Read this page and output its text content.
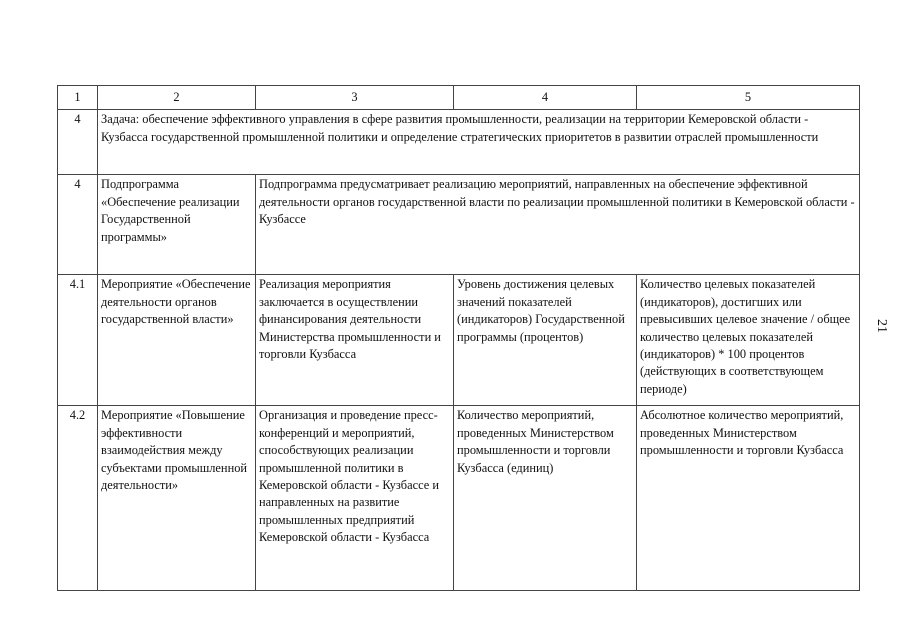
1	2	3	4	5
4	Задача: обеспечение эффективного управления в сфере развития промышленности, реализации на территории Кемеровской области - Кузбасса государственной промышленной политики и определение стратегических приоритетов в развитии отраслей промышленности			
4	Подпрограмма «Обеспечение реализации Государственной программы»	Подпрограмма предусматривает реализацию мероприятий, направленных на обеспечение эффективной деятельности органов государственной власти по реализации промышленной политики в Кемеровской области - Кузбассе		
4.1	Мероприятие «Обеспечение деятельности органов государственной власти»	Реализация мероприятия заключается в осуществлении финансирования деятельности Министерства промышленности и торговли Кузбасса	Уровень достижения целевых значений показателей (индикаторов) Государственной программы (процентов)	Количество целевых показателей (индикаторов), достигших или превысивших целевое значение / общее количество целевых показателей (индикаторов) * 100 процентов (действующих в соответствующем периоде)
4.2	Мероприятие «Повышение эффективности взаимодействия между субъектами промышленной деятельности»	Организация и проведение пресс-конференций и мероприятий, способствующих реализации промышленной политики в Кемеровской области - Кузбассе и направленных на развитие промышленных предприятий Кемеровской области - Кузбасса	Количество мероприятий, проведенных Министерством промышленности и торговли Кузбасса (единиц)	Абсолютное количество мероприятий, проведенных Министерством промышленности и торговли Кузбасса
21
